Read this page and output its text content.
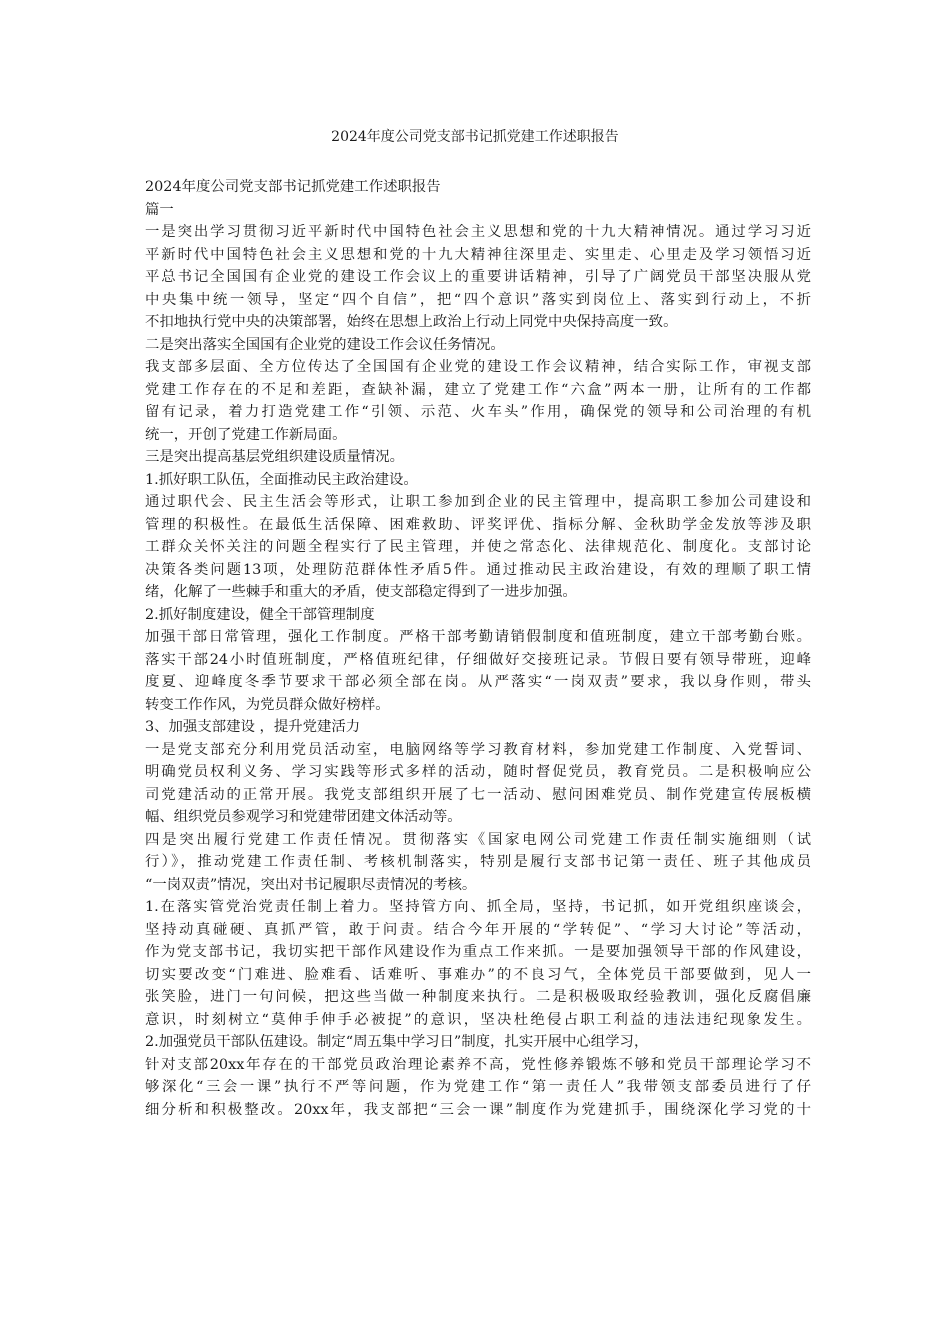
2024年度公司党支部书记抓党建工作述职报告
2024年度公司党支部书记抓党建工作述职报告
篇一
一是突出学习贯彻习近平新时代中国特色社会主义思想和党的十九大精神情况。通过学习习近
平新时代中国特色社会主义思想和党的十九大精神往深里走、实里走、心里走及学习领悟习近
平总书记全国国有企业党的建设工作会议上的重要讲话精神，引导了广阔党员干部坚决服从党
中央集中统一领导，坚定“四个自信”，把“四个意识”落实到岗位上、落实到行动上，不折
不扣地执行党中央的决策部署，始终在思想上政治上行动上同党中央保持高度一致。
二是突出落实全国国有企业党的建设工作会议任务情况。
我支部多层面、全方位传达了全国国有企业党的建设工作会议精神，结合实际工作，审视支部
党建工作存在的不足和差距，查缺补漏，建立了党建工作“六盒”两本一册，让所有的工作都
留有记录，着力打造党建工作“引领、示范、火车头”作用，确保党的领导和公司治理的有机
统一，开创了党建工作新局面。
三是突出提高基层党组织建设质量情况。
1.抓好职工队伍，全面推动民主政治建设。
通过职代会、民主生活会等形式，让职工参加到企业的民主管理中，提高职工参加公司建设和
管理的积极性。在最低生活保障、困难救助、评奖评优、指标分解、金秋助学金发放等涉及职
工群众关怀关注的问题全程实行了民主管理，并使之常态化、法律规范化、制度化。支部讨论
决策各类问题13项，处理防范群体性矛盾5件。通过推动民主政治建设，有效的理顺了职工情
绪，化解了一些棘手和重大的矛盾，使支部稳定得到了一进步加强。
2.抓好制度建设，健全干部管理制度
加强干部日常管理，强化工作制度。严格干部考勤请销假制度和值班制度，建立干部考勤台账。
落实干部24小时值班制度，严格值班纪律，仔细做好交接班记录。节假日要有领导带班，迎峰
度夏、迎峰度冬季节要求干部必须全部在岗。从严落实“一岗双责”要求，我以身作则，带头
转变工作作风，为党员群众做好榜样。
3、加强支部建设 ，提升党建活力
一是党支部充分利用党员活动室，电脑网络等学习教育材料，参加党建工作制度、入党誓词、
明确党员权利义务、学习实践等形式多样的活动，随时督促党员，教育党员。二是积极响应公
司党建活动的正常开展。我党支部组织开展了七一活动、慰问困难党员、制作党建宣传展板横
幅、组织党员参观学习和党建带团建文体活动等。
四是突出履行党建工作责任情况。贯彻落实《国家电网公司党建工作责任制实施细则（试
行）》，推动党建工作责任制、考核机制落实，特别是履行支部书记第一责任、班子其他成员
“一岗双责”情况，突出对书记履职尽责情况的考核。
1.在落实管党治党责任制上着力。坚持管方向、抓全局，坚持，书记抓，如开党组织座谈会，
坚持动真碰硬、真抓严管，敢于问责。结合今年开展的“学转促”、“学习大讨论”等活动，
作为党支部书记，我切实把干部作风建设作为重点工作来抓。一是要加强领导干部的作风建设，
切实要改变“门难进、脸难看、话难听、事难办”的不良习气，全体党员干部要做到，见人一
张笑脸，进门一句问候，把这些当做一种制度来执行。二是积极吸取经验教训，强化反腐倡廉
意识，时刻树立“莫伸手伸手必被捉”的意识，坚决杜绝侵占职工利益的违法违纪现象发生。
2.加强党员干部队伍建设。制定“周五集中学习日”制度，扎实开展中心组学习，
针对支部20xx年存在的干部党员政治理论素养不高，党性修养锻炼不够和党员干部理论学习不
够深化“三会一课”执行不严等问题，作为党建工作“第一责任人”我带领支部委员进行了仔
细分析和积极整改。20xx年，我支部把“三会一课”制度作为党建抓手，围绕深化学习党的十
